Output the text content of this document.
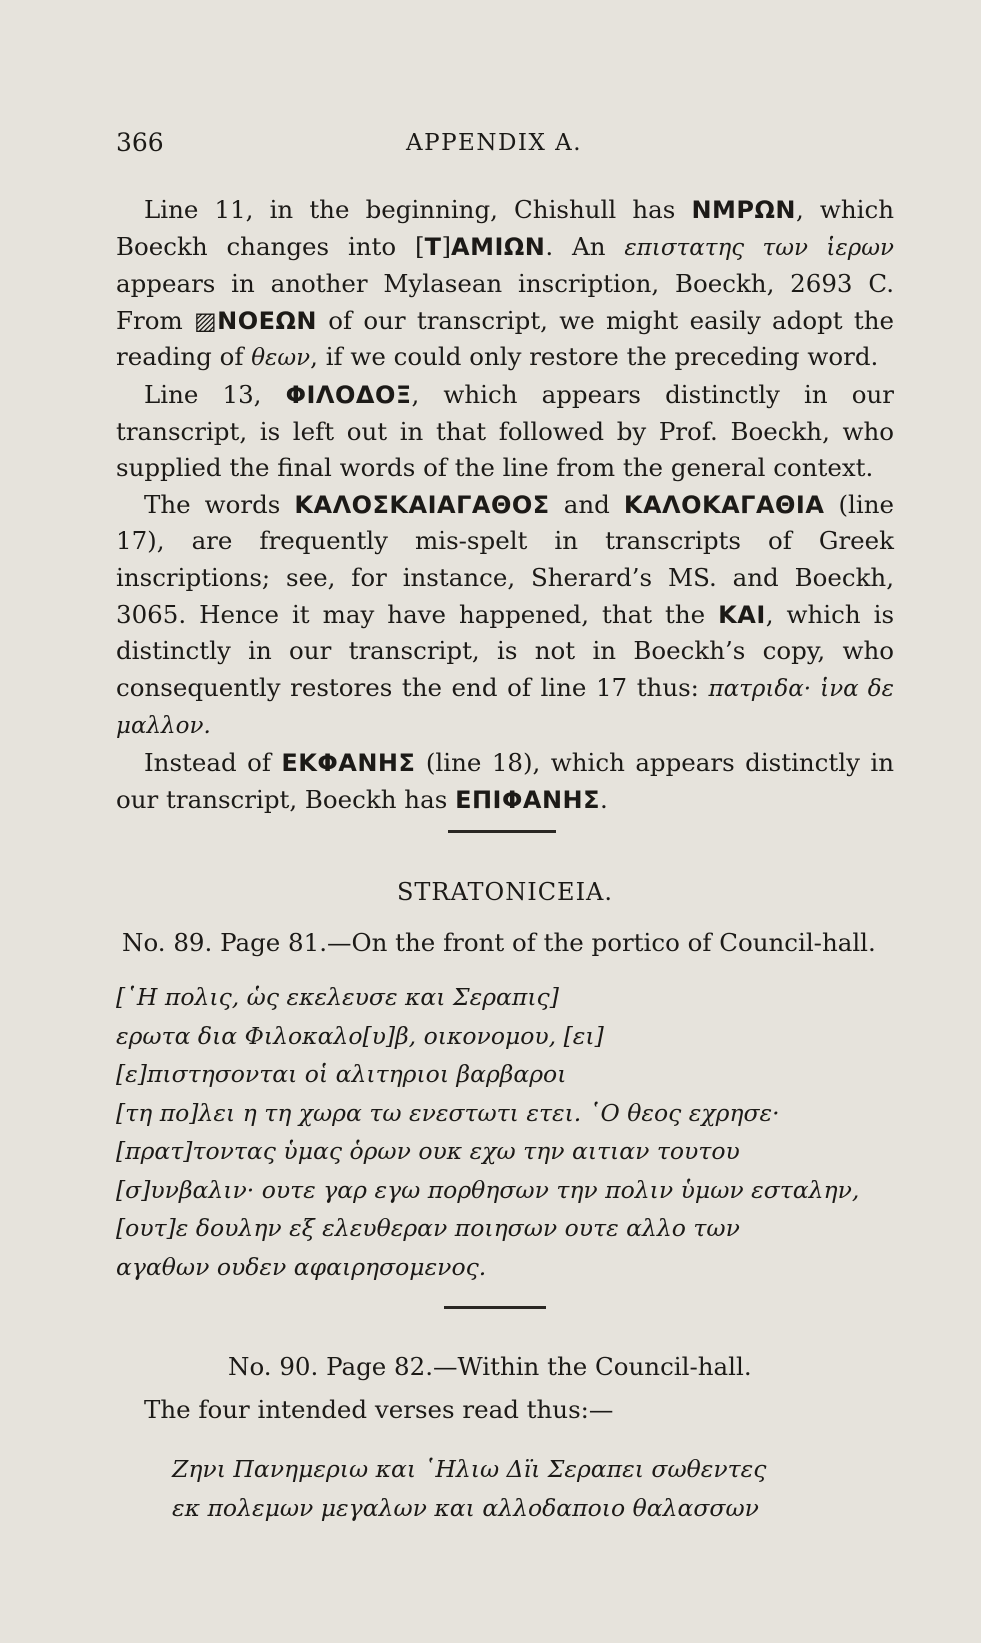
366	APPENDIX A.

Line 11, in the beginning, Chishull has NMPΩN, which Boeckh changes into [T]AMIΩN. An επιστατης των ἱερων appears in another Mylasean inscription, Boeckh, 2693 C. From ▨NOEΩN of our transcript, we might easily adopt the reading of θεων, if we could only restore the preceding word.

Line 13, ΦΙΛΟΔΟΞ, which appears distinctly in our transcript, is left out in that followed by Prof. Boeckh, who supplied the final words of the line from the general context.

The words ΚΑΛΟΣΚΑΙΑΓΑΘΟΣ and ΚΑΛΟΚΑΓΑΘΙΑ (line 17), are frequently mis-spelt in transcripts of Greek inscriptions; see, for instance, Sherard’s MS. and Boeckh, 3065. Hence it may have happened, that the ΚΑΙ, which is distinctly in our transcript, is not in Boeckh’s copy, who consequently restores the end of line 17 thus: πατριδα· ἱνα δε μαλλον.

Instead of ΕΚΦΑΝΗΣ (line 18), which appears distinctly in our transcript, Boeckh has ΕΠΙΦΑΝΗΣ.

STRATONICEIA.
No. 89. Page 81.—On the front of the portico of Council-hall.
[῾Η πολις, ὡς εκελευσε και Σεραπις]
ερωτα δια Φιλοκαλο[υ]β, οικονομου, [ει]
[ε]πιστησονται οἱ αλιτηριοι βαρβαροι
[τη πο]λει η τη χωρα τω ενεστωτι ετει. ῾Ο θεος εχρησε·
[πρατ]τοντας ὑμας ὁρων ουκ εχω την αιτιαν τουτου
[σ]υνβαλιν· ουτε γαρ εγω πορθησων την πολιν ὑμων εσταλην,
[ουτ]ε δουλην εξ ελευθεραν ποιησων ουτε αλλο των
αγαθων ουδεν αφαιρησομενος.
No. 90. Page 82.—Within the Council-hall.
The four intended verses read thus:—
Ζηνι Πανημεριω και ῾Ηλιω Δïι Σεραπει σωθεντες
εκ πολεμων μεγαλων και αλλοδαποιο θαλασσων
